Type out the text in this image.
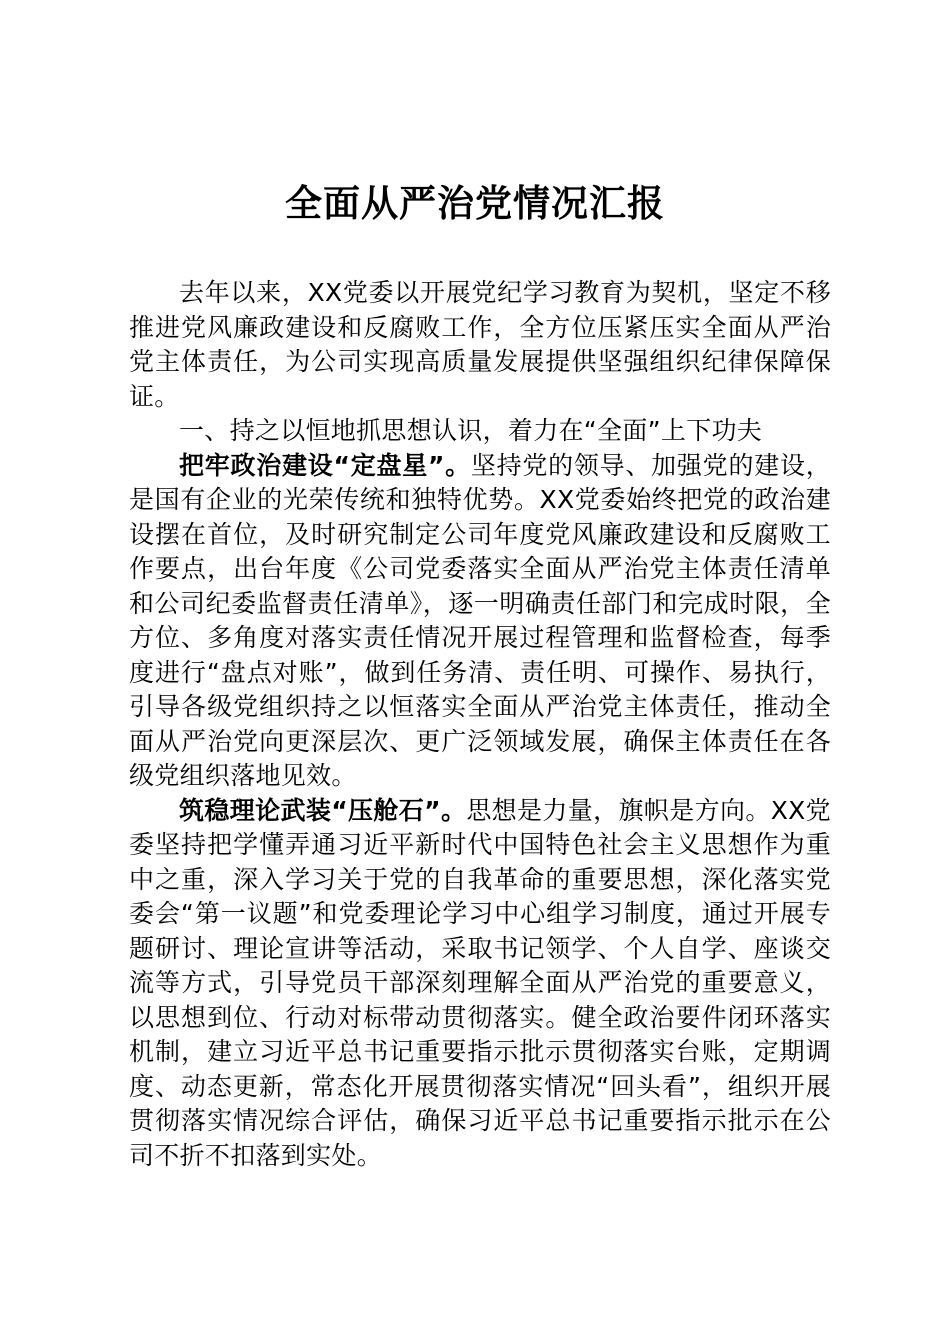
全面从严治党情况汇报

去年以来，XX党委以开展党纪学习教育为契机，坚定不移推进党风廉政建设和反腐败工作，全方位压紧压实全面从严治党主体责任，为公司实现高质量发展提供坚强组织纪律保障保证。

一、持之以恒地抓思想认识，着力在“全面”上下功夫

把牢政治建设“定盘星”。坚持党的领导、加强党的建设，是国有企业的光荣传统和独特优势。XX党委始终把党的政治建设摆在首位，及时研究制定公司年度党风廉政建设和反腐败工作要点，出台年度《公司党委落实全面从严治党主体责任清单和公司纪委监督责任清单》，逐一明确责任部门和完成时限，全方位、多角度对落实责任情况开展过程管理和监督检查，每季度进行“盘点对账”，做到任务清、责任明、可操作、易执行，引导各级党组织持之以恒落实全面从严治党主体责任，推动全面从严治党向更深层次、更广泛领域发展，确保主体责任在各级党组织落地见效。

筑稳理论武装“压舱石”。思想是力量，旗帜是方向。XX党委坚持把学懂弄通习近平新时代中国特色社会主义思想作为重中之重，深入学习关于党的自我革命的重要思想，深化落实党委会“第一议题”和党委理论学习中心组学习制度，通过开展专题研讨、理论宣讲等活动，采取书记领学、个人自学、座谈交流等方式，引导党员干部深刻理解全面从严治党的重要意义，以思想到位、行动对标带动贯彻落实。健全政治要件闭环落实机制，建立习近平总书记重要指示批示贯彻落实台账，定期调度、动态更新，常态化开展贯彻落实情况“回头看”，组织开展贯彻落实情况综合评估，确保习近平总书记重要指示批示在公司不折不扣落到实处。
